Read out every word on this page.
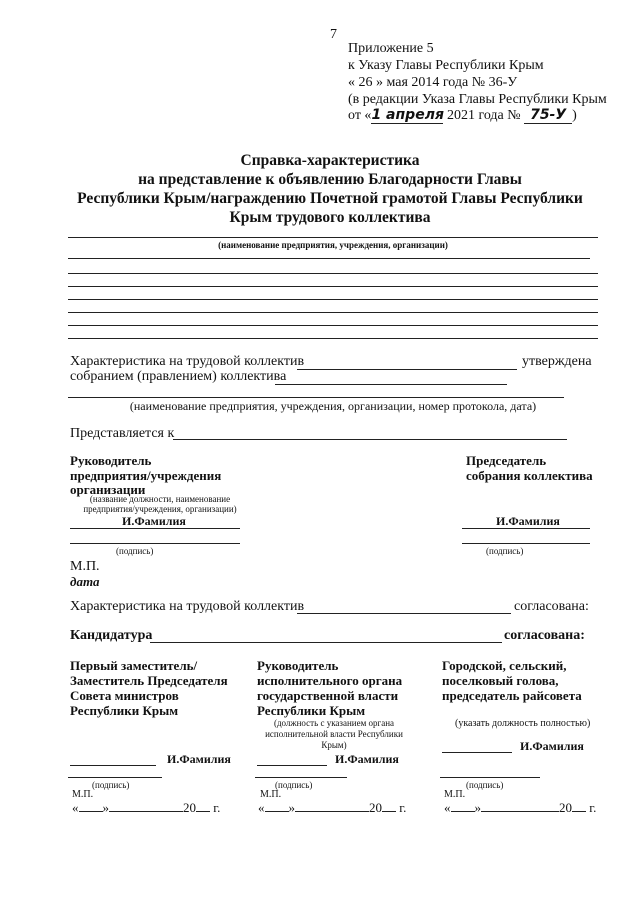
7
Приложение 5
к Указу Главы Республики Крым
« 26 » мая 2014 года № 36-У
(в редакции Указа Главы Республики Крым
от «1 апреля 2021 года № 75-У )
Справка-характеристика
на представление к объявлению Благодарности Главы
Республики Крым/награждению Почетной грамотой Главы Республики
Крым трудового коллектива
(наименование предприятия, учреждения, организации)
Характеристика на трудовой коллектив	утверждена
собранием (правлением) коллектива
(наименование предприятия, учреждения, организации, номер протокола, дата)
Представляется к
Руководитель
предприятия/учреждения
организации
(название должности, наименование
предприятия/учреждения, организации)
И.Фамилия
(подпись)
Председатель
собрания коллектива
И.Фамилия
(подпись)
М.П.
дата
Характеристика на трудовой коллектив	согласована:
Кандидатура	согласована:
Первый заместитель/
Заместитель Председателя
Совета министров
Республики Крым
И.Фамилия
(подпись)
М.П.
« »	20 г.
Руководитель
исполнительного органа
государственной власти
Республики Крым
(должность с указанием органа
исполнительной власти Республики
Крым)
И.Фамилия
(подпись)
М.П.
« »	20 г.
Городской, сельский,
поселковый голова,
председатель райсовета
(указать должность полностью)
И.Фамилия
(подпись)
М.П.
« »	20 г.
